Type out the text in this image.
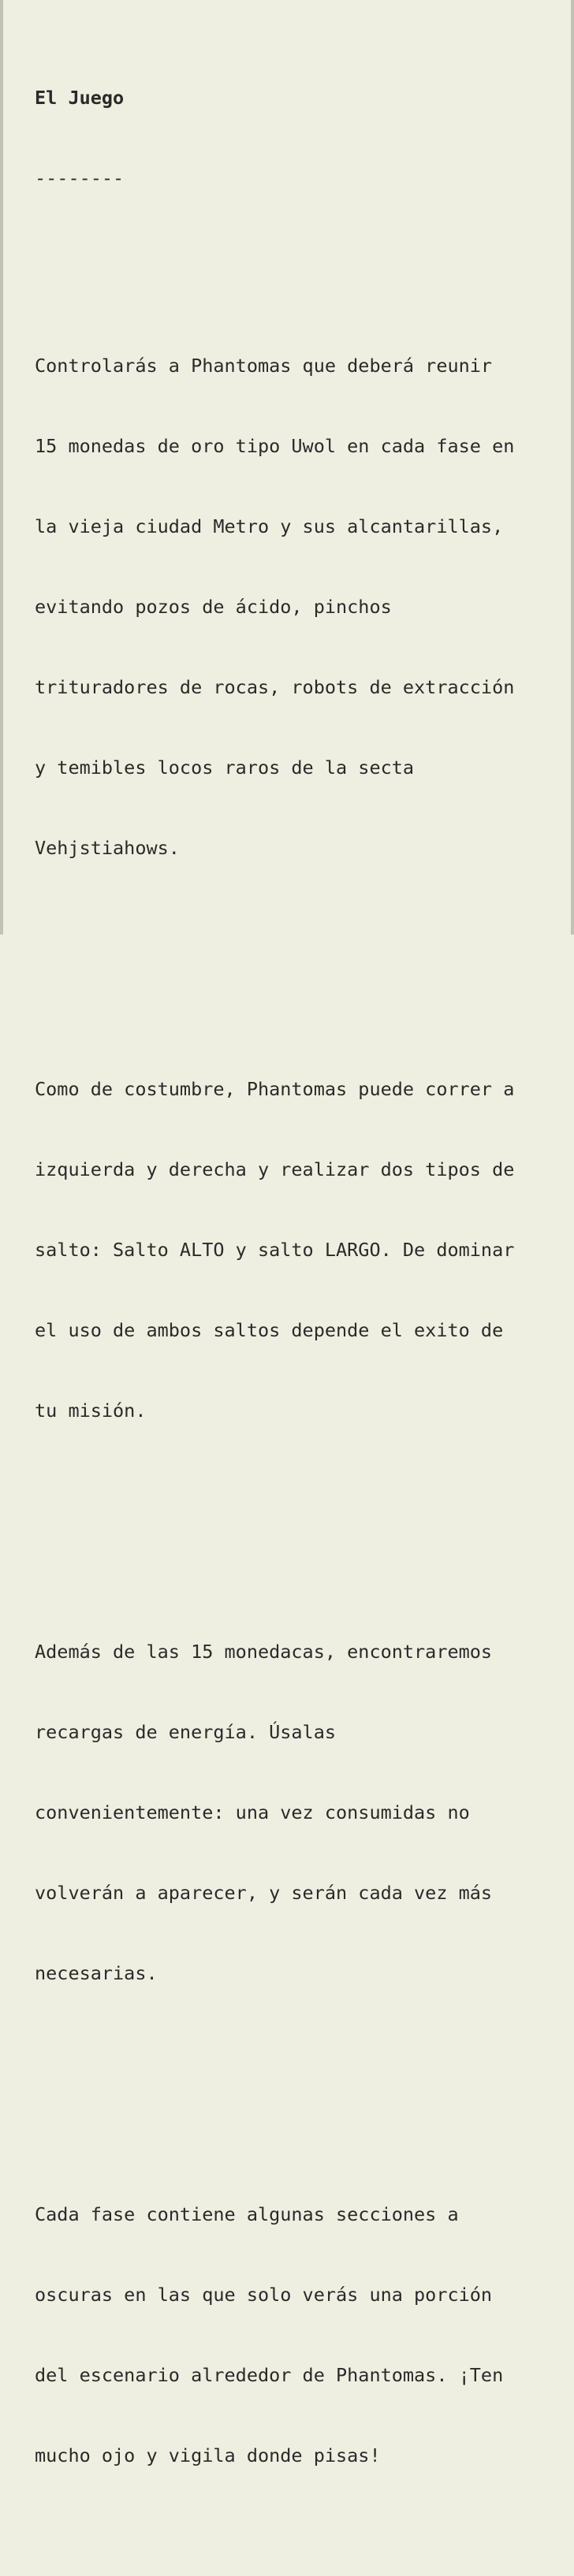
El Juego

--------

Controlarás a Phantomas que deberá reunir

15 monedas de oro tipo Uwol en cada fase en

la vieja ciudad Metro y sus alcantarillas,

evitando pozos de ácido, pinchos

trituradores de rocas, robots de extracción

y temibles locos raros de la secta

Vehjstiahows.

Como de costumbre, Phantomas puede correr a

izquierda y derecha y realizar dos tipos de

salto: Salto ALTO y salto LARGO. De dominar

el uso de ambos saltos depende el exito de

tu misión.

Además de las 15 monedacas, encontraremos

recargas de energía. Úsalas

convenientemente: una vez consumidas no

volverán a aparecer, y serán cada vez más

necesarias.

Cada fase contiene algunas secciones a

oscuras en las que solo verás una porción

del escenario alrededor de Phantomas. ¡Ten

mucho ojo y vigila donde pisas!
